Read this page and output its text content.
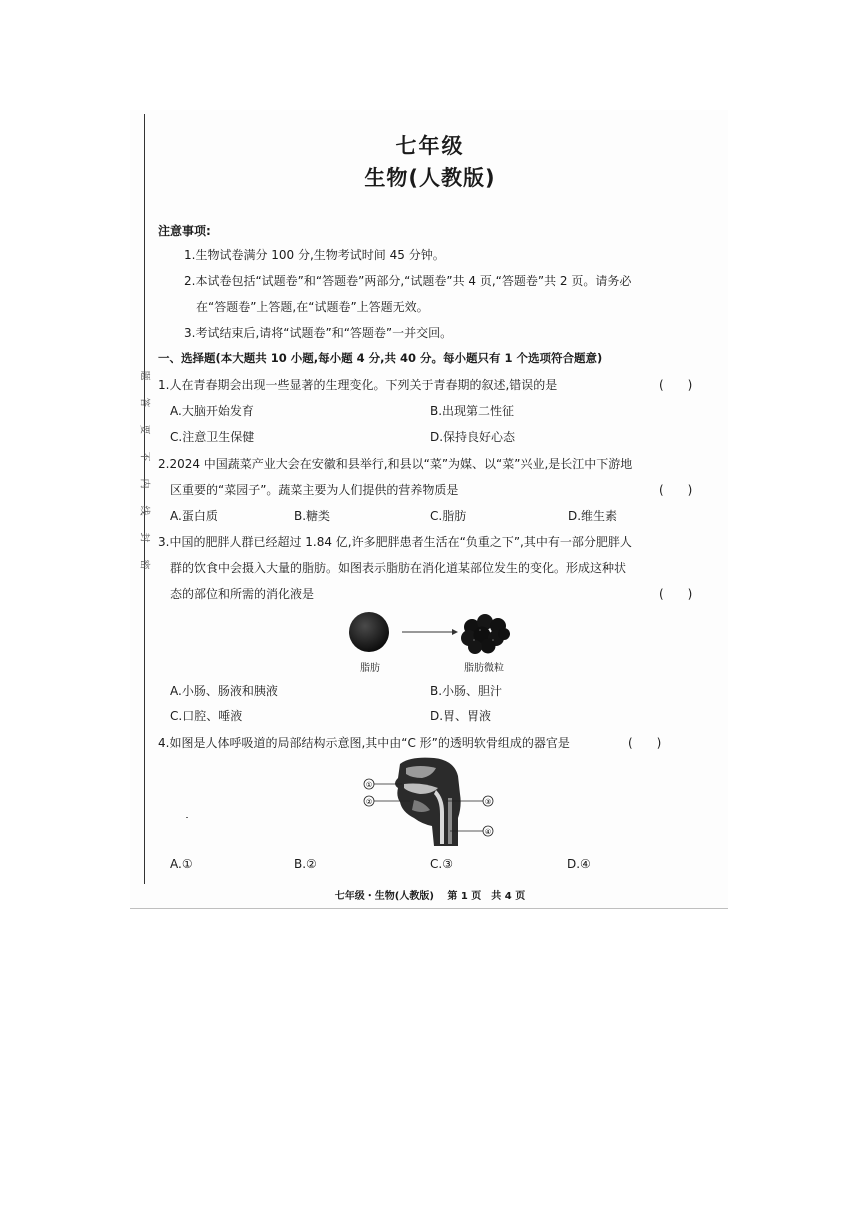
题
答
要
不
内
线
封
密
七年级
生物(人教版)
注意事项:
1.生物试卷满分 100 分,生物考试时间 45 分钟。
2.本试卷包括“试题卷”和“答题卷”两部分,“试题卷”共 4 页,“答题卷”共 2 页。请务必
在“答题卷”上答题,在“试题卷”上答题无效。
3.考试结束后,请将“试题卷”和“答题卷”一并交回。
一、选择题(本大题共 10 小题,每小题 4 分,共 40 分。每小题只有 1 个选项符合题意)
1.人在青春期会出现一些显著的生理变化。下列关于青春期的叙述,错误的是	(　　)
A.大脑开始发育	B.出现第二性征
C.注意卫生保健	D.保持良好心态
2.2024 中国蔬菜产业大会在安徽和县举行,和县以“菜”为媒、以“菜”兴业,是长江中下游地
区重要的“菜园子”。蔬菜主要为人们提供的营养物质是	(　　)
A.蛋白质	B.糖类	C.脂肪	D.维生素
3.中国的肥胖人群已经超过 1.84 亿,许多肥胖患者生活在“负重之下”,其中有一部分肥胖人
群的饮食中会摄入大量的脂肪。如图表示脂肪在消化道某部位发生的变化。形成这种状
态的部位和所需的消化液是	(　　)
脂肪	脂肪微粒
A.小肠、肠液和胰液	B.小肠、胆汁
C.口腔、唾液	D.胃、胃液
4.如图是人体呼吸道的局部结构示意图,其中由“C 形”的透明软骨组成的器官是	(　　)
①
②	③
④
A.①	B.②	C.③	D.④
七年级・生物(人教版)　 第 1 页　共 4 页
